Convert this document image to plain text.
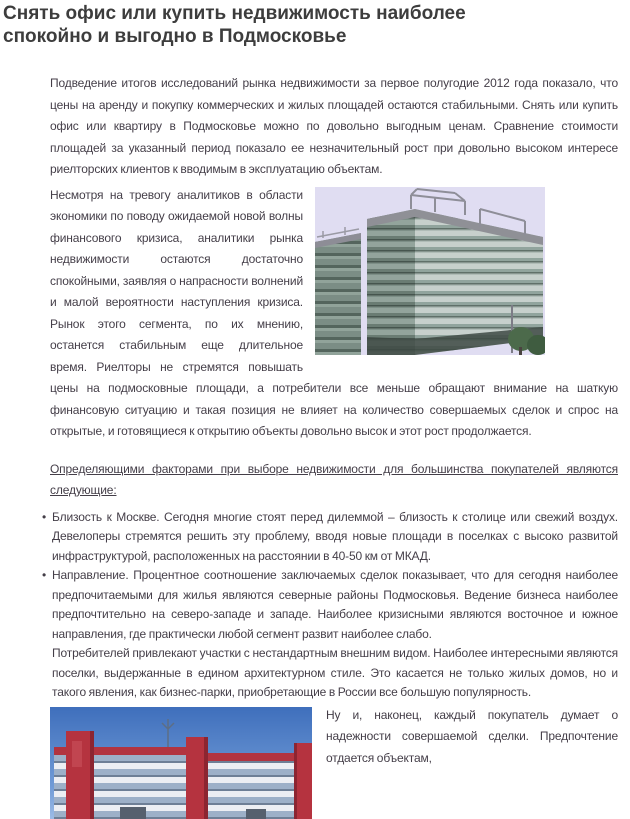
Снять офис или купить недвижимость наиболее спокойно и выгодно в Подмосковье

Подведение итогов исследований рынка недвижимости за первое полугодие 2012 года показало, что цены на аренду и покупку коммерческих и жилых площадей остаются стабильными. Снять или купить офис или квартиру в Подмосковье можно по довольно выгодным ценам. Сравнение стоимости площадей за указанный период показало ее незначительный рост при довольно высоком интересе риелторских клиентов к вводимым в эксплуатацию объектам.

Несмотря на тревогу аналитиков в области экономики по поводу ожидаемой новой волны финансового кризиса, аналитики рынка недвижимости остаются достаточно спокойными, заявляя о напрасности волнений и малой вероятности наступления кризиса. Рынок этого сегмента, по их мнению, останется стабильным еще длительное время. Риелторы не стремятся повышать цены на подмосковные площади, а потребители все меньше обращают внимание на шаткую финансовую ситуацию и такая позиция не влияет на количество совершаемых сделок и спрос на открытые, и готовящиеся к открытию объекты довольно высок и этот рост продолжается.

Определяющими факторами при выборе недвижимости для большинства покупателей являются следующие:

• Близость к Москве. Сегодня многие стоят перед дилеммой – близость к столице или свежий воздух. Девелоперы стремятся решить эту проблему, вводя новые площади в поселках с высоко развитой инфраструктурой, расположенных на расстоянии в 40-50 км от МКАД.
• Направление. Процентное соотношение заключаемых сделок показывает, что для сегодня наиболее предпочитаемыми для жилья являются северные районы Подмосковья. Ведение бизнеса наиболее предпочтительно на северо-западе и западе. Наиболее кризисными являются восточное и южное направления, где практически любой сегмент развит наиболее слабо.
Потребителей привлекают участки с нестандартным внешним видом. Наиболее интересными являются поселки, выдержанные в едином архитектурном стиле. Это касается не только жилых домов, но и такого явления, как бизнес-парки, приобретающие в России все большую популярность.
Ну и, наконец, каждый покупатель думает о надежности совершаемой сделки. Предпочтение отдается объектам,
